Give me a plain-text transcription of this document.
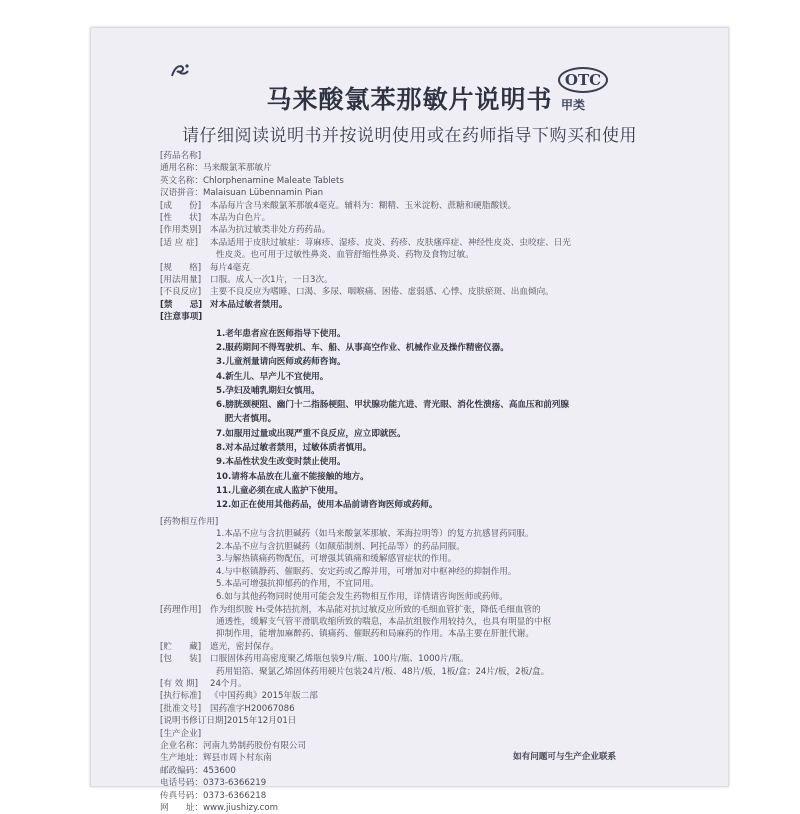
马来酸氯苯那敏片说明书
OTC
甲类
请仔细阅读说明书并按说明使用或在药师指导下购买和使用
[药品名称]
通用名称：马来酸氯苯那敏片
英文名称：Chlorphenamine Maleate Tablets
汉语拼音：Malaisuan Lübennamin Pian
[成　　份] 本品每片含马来酸氯苯那敏4毫克。辅料为：糊精、玉米淀粉、蔗糖和硬脂酸镁。
[性　　状] 本品为白色片。
[作用类别] 本品为抗过敏类非处方药药品。
[适 应 症] 本品适用于皮肤过敏症：荨麻疹、湿疹、皮炎、药疹、皮肤瘙痒症、神经性皮炎、虫咬症、日光
性皮炎。也可用于过敏性鼻炎、血管舒缩性鼻炎、药物及食物过敏。
[规　　格] 每片4毫克
[用法用量] 口服。成人一次1片，一日3次。
[不良反应] 主要不良反应为嗜睡、口渴、多尿、咽喉痛、困倦、虚弱感、心悸、皮肤瘀斑、出血倾向。
[禁　　忌] 对本品过敏者禁用。
[注意事项]
1.老年患者应在医师指导下使用。
2.服药期间不得驾驶机、车、船、从事高空作业、机械作业及操作精密仪器。
3.儿童剂量请向医师或药师咨询。
4.新生儿、早产儿不宜使用。
5.孕妇及哺乳期妇女慎用。
6.膀胱颈梗阻、幽门十二指肠梗阻、甲状腺功能亢进、青光眼、消化性溃疡、高血压和前列腺
　肥大者慎用。
7.如服用过量或出现严重不良反应，应立即就医。
8.对本品过敏者禁用，过敏体质者慎用。
9.本品性状发生改变时禁止使用。
10.请将本品放在儿童不能接触的地方。
11.儿童必须在成人监护下使用。
12.如正在使用其他药品，使用本品前请咨询医师或药师。
[药物相互作用]
1.本品不应与含抗胆碱药（如马来酸氯苯那敏、苯海拉明等）的复方抗感冒药同服。
2.本品不应与含抗胆碱药（如颠茄制剂、阿托品等）的药品同服。
3.与解热镇痛药物配伍，可增强其镇痛和缓解感冒症状的作用。
4.与中枢镇静药、催眠药、安定药或乙醇并用，可增加对中枢神经的抑制作用。
5.本品可增强抗抑郁药的作用，不宜同用。
6.如与其他药物同时使用可能会发生药物相互作用，详情请咨询医师或药师。
[药理作用] 作为组织胺 H₁受体拮抗剂，本品能对抗过敏反应所致的毛细血管扩张，降低毛细血管的
通透性，缓解支气管平滑肌收缩所致的喘息，本品抗组胺作用较持久，也具有明显的中枢
抑制作用，能增加麻醉药、镇痛药、催眠药和局麻药的作用。本品主要在肝脏代谢。
[贮　　藏] 遮光，密封保存。
[包　　装] 口服固体药用高密度聚乙烯瓶包装9片/瓶、100片/瓶、1000片/瓶。
药用铝箔、聚氯乙烯固体药用硬片包装24片/板、48片/板，1板/盒；24片/板，2板/盒。
[有 效 期] 24个月。
[执行标准] 《中国药典》2015年版二部
[批准文号] 国药准字H20067086
[说明书修订日期]2015年12月01日
[生产企业]
企业名称：河南九势制药股份有限公司
生产地址：辉县市周卜村东南
邮政编码：453600
电话号码：0373-6366219
传真号码：0373-6366218
网　　址：www.jiushizy.com
如有问题可与生产企业联系
